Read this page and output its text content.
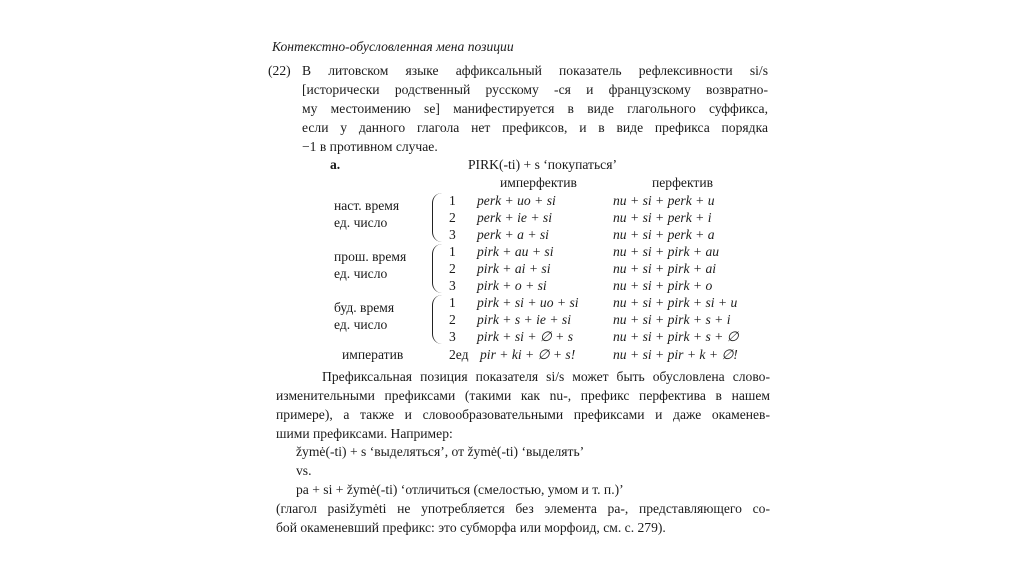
Контекстно-обусловленная мена позиции
(22) В литовском языке аффиксальный показатель рефлексивности si/s
[исторически родственный русскому -ся и французскому возвратно-
му местоимению se] манифестируется в виде глагольного суффикса,
если у данного глагола нет префиксов, и в виде префикса порядка
−1 в противном случае.
a.	PIRK(-ti) + s ‘покупаться’
имперфектив	перфектив
наст. время
ед. число
1 perk + uo + si	nu + si + perk + u
2 perk + ie + si	nu + si + perk + i
3 perk + a + si	nu + si + perk + a
прош. время
ед. число
1 pirk + au + si	nu + si + pirk + au
2 pirk + ai + si	nu + si + pirk + ai
3 pirk + o + si	nu + si + pirk + o
буд. время
ед. число
1 pirk + si + uo + si	nu + si + pirk + si + u
2 pirk + s + ie + si	nu + si + pirk + s + i
3 pirk + si + ∅ + s	nu + si + pirk + s + ∅
императив	2ед pir + ki + ∅ + s!	nu + si + pir + k + ∅!
Префиксальная позиция показателя si/s может быть обусловлена слово-
изменительными префиксами (такими как nu-, префикс перфектива в нашем
примере), а также и словообразовательными префиксами и даже окаменев-
шими префиксами. Например:
žymė(-ti) + s ‘выделяться’, от žymė(-ti) ‘выделять’
vs.
pa + si + žymė(-ti) ‘отличиться (смелостью, умом и т. п.)’
(глагол pasižymėti не употребляется без элемента pa-, представляющего со-
бой окаменевший префикс: это субморфа или морфоид, см. с. 279).
